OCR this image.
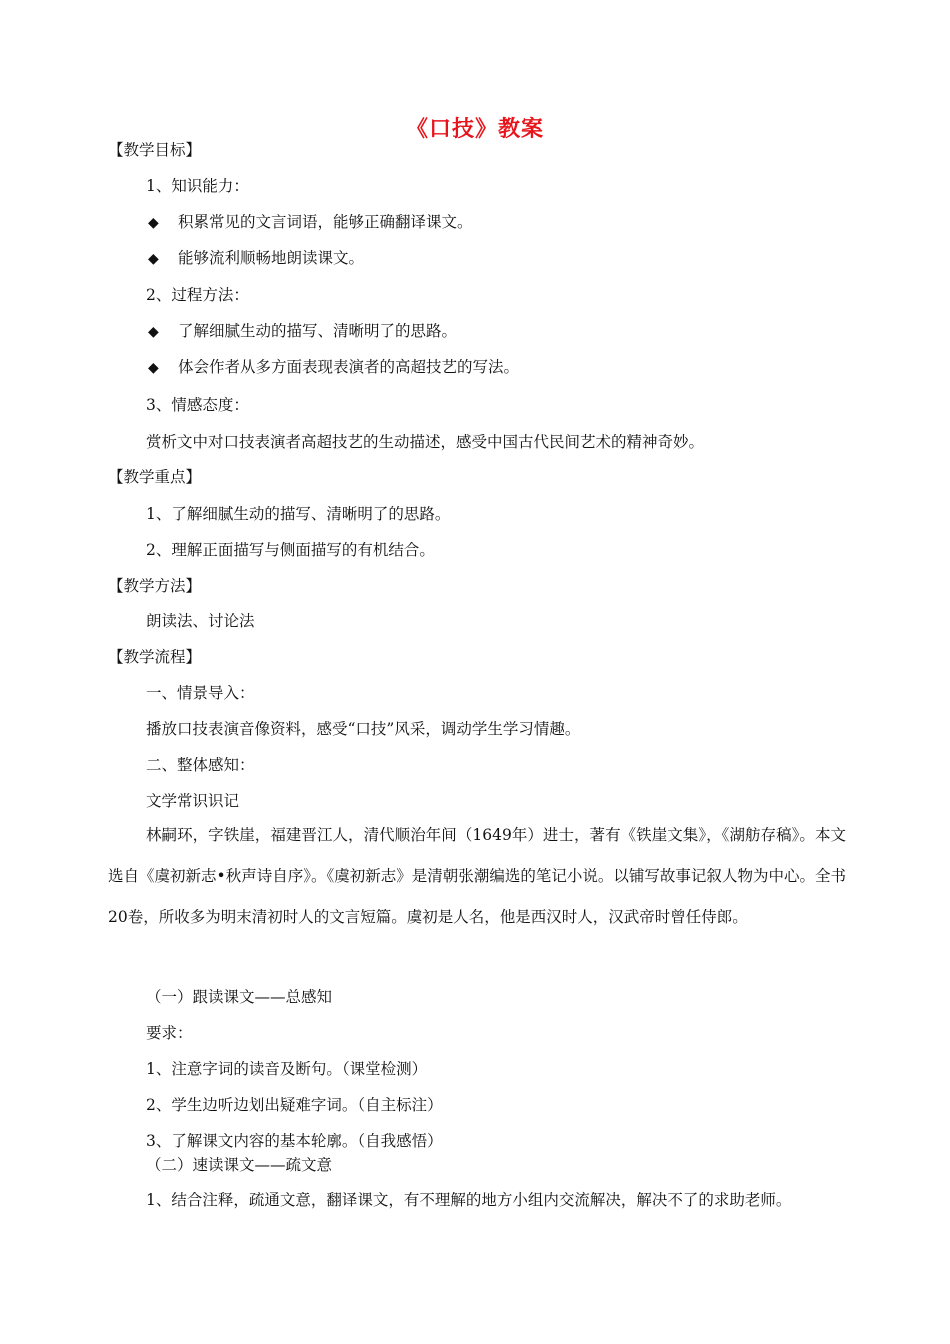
《口技》教案
【教学目标】
1、知识能力：
◆ 积累常见的文言词语，能够正确翻译课文。
◆ 能够流利顺畅地朗读课文。
2、过程方法：
◆ 了解细腻生动的描写、清晰明了的思路。
◆ 体会作者从多方面表现表演者的高超技艺的写法。
3、情感态度：
赏析文中对口技表演者高超技艺的生动描述，感受中国古代民间艺术的精神奇妙。
【教学重点】
1、了解细腻生动的描写、清晰明了的思路。
2、理解正面描写与侧面描写的有机结合。
【教学方法】
朗读法、讨论法
【教学流程】
一、情景导入：
播放口技表演音像资料，感受“口技”风采，调动学生学习情趣。
二、整体感知：
文学常识识记
林嗣环，字铁崖，福建晋江人，清代顺治年间（1649年）进士，著有《铁崖文集》，《湖舫存稿》。本文选自《虞初新志•秋声诗自序》。《虞初新志》是清朝张潮编选的笔记小说。以铺写故事记叙人物为中心。全书20卷，所收多为明末清初时人的文言短篇。虞初是人名，他是西汉时人，汉武帝时曾任侍郎。
（一）跟读课文——总感知
要求：
1、注意字词的读音及断句。（课堂检测）
2、学生边听边划出疑难字词。（自主标注）
3、了解课文内容的基本轮廓。（自我感悟）
（二）速读课文——疏文意
1、结合注释，疏通文意，翻译课文，有不理解的地方小组内交流解决，解决不了的求助老师。
